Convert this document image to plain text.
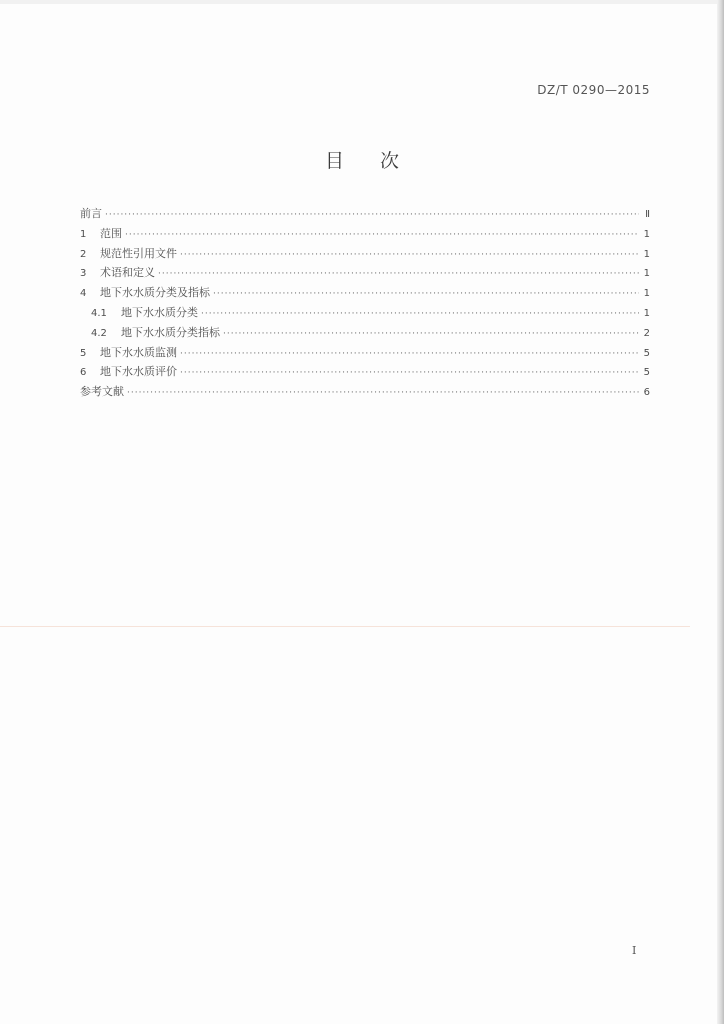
DZ/T 0290—2015
目 次
前言 ·····	Ⅱ
1	范围 ·····	1
2	规范性引用文件 ·····	1
3	术语和定义 ·····	1
4	地下水水质分类及指标 ·····	1
4.1	地下水水质分类 ·····	1
4.2	地下水水质分类指标 ·····	2
5	地下水水质监测 ·····	5
6	地下水水质评价 ·····	5
参考文献 ·····	6
I
